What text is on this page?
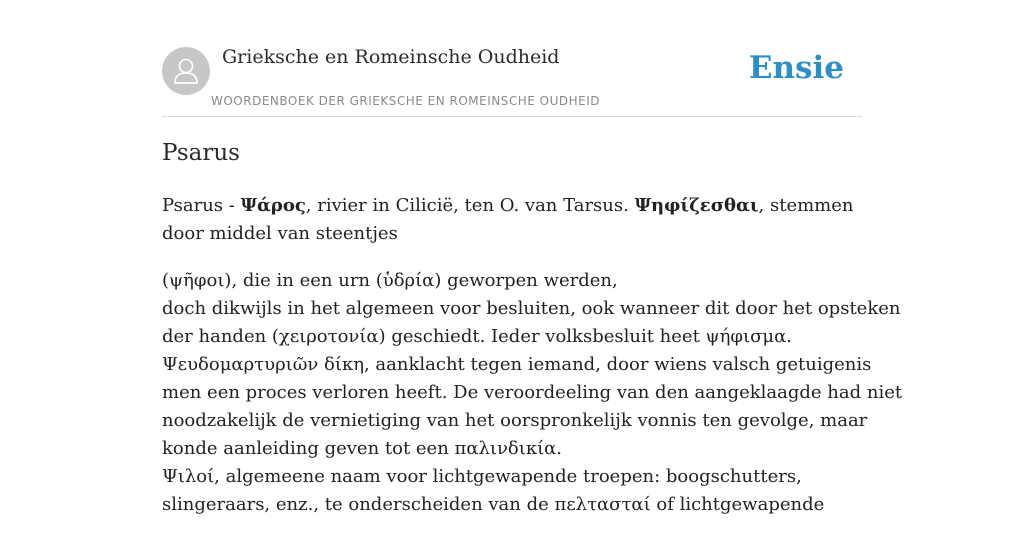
Grieksche en Romeinsche Oudheid
WOORDENBOEK DER GRIEKSCHE EN ROMEINSCHE OUDHEID
Ensie
Psarus

Psarus - Ψάρος, rivier in Cilicië, ten O. van Tarsus. Ψηφίζεσθαι, stemmen
door middel van steentjes

(ψῆφοι), die in een urn (ὑδρία) geworpen werden,
doch dikwijls in het algemeen voor besluiten, ook wanneer dit door het opsteken
der handen (χειροτονία) geschiedt. Ieder volksbesluit heet ψήφισμα.
Ψευδομαρτυριῶν δίκη, aanklacht tegen iemand, door wiens valsch getuigenis
men een proces verloren heeft. De veroordeeling van den aangeklaagde had niet
noodzakelijk de vernietiging van het oorspronkelijk vonnis ten gevolge, maar
konde aanleiding geven tot een παλινδικία.
Ψιλοί, algemeene naam voor lichtgewapende troepen: boogschutters,
slingeraars, enz., te onderscheiden van de πελτασταί of lichtgewapende
